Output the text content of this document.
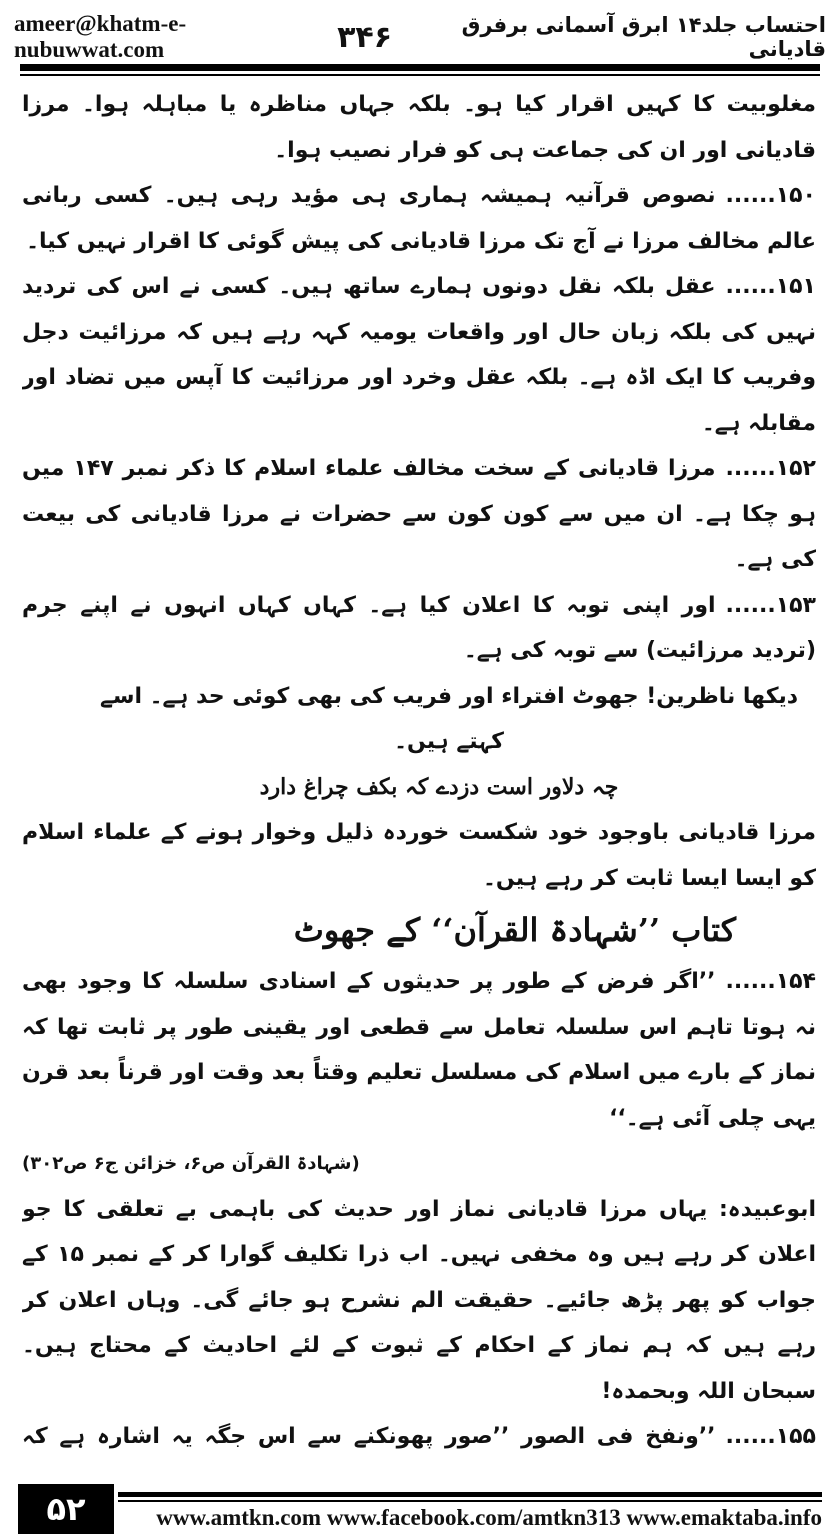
ameer@khatm-e-nubuwwat.com	۳۴۶	احتساب جلد۱۴ ابرق آسمانی برفرق قادیانی

مغلوبیت کا کہیں اقرار کیا ہو۔ بلکہ جہاں مناظرہ یا مباہلہ ہوا۔ مرزا قادیانی اور ان کی جماعت ہی کو فرار نصیب ہوا۔

۱۵۰......نصوص قرآنیہ ہمیشہ ہماری ہی مؤید رہی ہیں۔ کسی ربانی عالم مخالف مرزا نے آج تک مرزا قادیانی کی پیش گوئی کا اقرار نہیں کیا۔

۱۵۱......عقل بلکہ نقل دونوں ہمارے ساتھ ہیں۔ کسی نے اس کی تردید نہیں کی بلکہ زبان حال اور واقعات یومیہ کہہ رہے ہیں کہ مرزائیت دجل وفریب کا ایک اڈہ ہے۔ بلکہ عقل وخرد اور مرزائیت کا آپس میں تضاد اور مقابلہ ہے۔

۱۵۲......مرزا قادیانی کے سخت مخالف علماء اسلام کا ذکر نمبر ۱۴۷ میں ہو چکا ہے۔ ان میں سے کون کون سے حضرات نے مرزا قادیانی کی بیعت کی ہے۔

۱۵۳......اور اپنی توبہ کا اعلان کیا ہے۔ کہاں کہاں انہوں نے اپنے جرم (تردید مرزائیت) سے توبہ کی ہے۔

دیکھا ناظرین! جھوٹ افتراء اور فریب کی بھی کوئی حد ہے۔ اسے کہتے ہیں۔

چہ دلاور است دزدے کہ بکف چراغ دارد

مرزا قادیانی باوجود خود شکست خوردہ ذلیل وخوار ہونے کے علماء اسلام کو ایسا ایسا ثابت کر رہے ہیں۔

کتاب ’’شہادۃ القرآن‘‘ کے جھوٹ

۱۵۴......’’اگر فرض کے طور پر حدیثوں کے اسنادی سلسلہ کا وجود بھی نہ ہوتا تاہم اس سلسلہ تعامل سے قطعی اور یقینی طور پر ثابت تھا کہ نماز کے بارے میں اسلام کی مسلسل تعلیم وقتاً بعد وقت اور قرناً بعد قرن یہی چلی آئی ہے۔‘‘

(شہادۃ القرآن ص۶، خزائن ج۶ ص۳۰۲)

ابوعبیدہ: یہاں مرزا قادیانی نماز اور حدیث کی باہمی بے تعلقی کا جو اعلان کر رہے ہیں وہ مخفی نہیں۔ اب ذرا تکلیف گوارا کر کے نمبر ۱۵ کے جواب کو پھر پڑھ جائیے۔ حقیقت الم نشرح ہو جائے گی۔ وہاں اعلان کر رہے ہیں کہ ہم نماز کے احکام کے ثبوت کے لئے احادیث کے محتاج ہیں۔ سبحان اللہ وبحمدہ!

۱۵۵......’’ونفخ فی الصور ’’صور پھونکنے سے اس جگہ یہ اشارہ ہے کہ

۵۲	www.amtkn.com www.facebook.com/amtkn313 www.emaktaba.info
